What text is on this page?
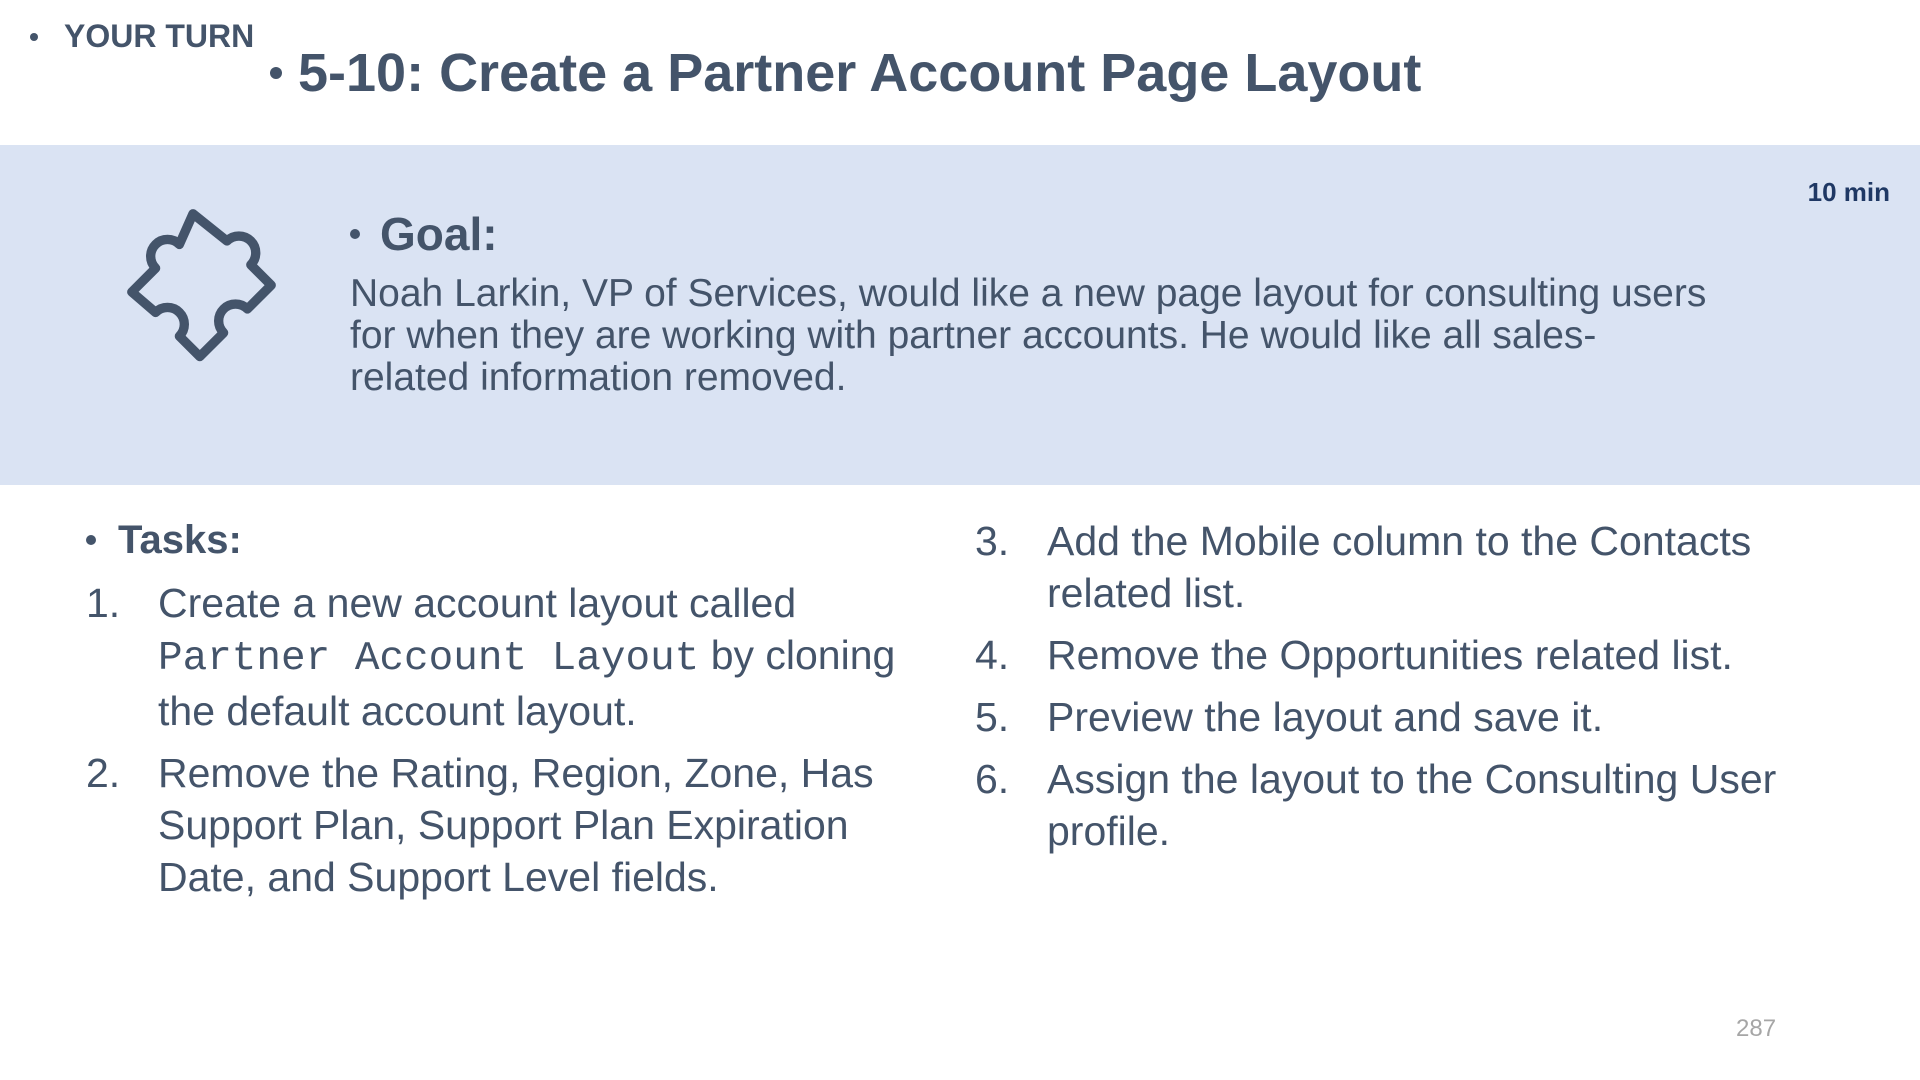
YOUR TURN
5-10: Create a Partner Account Page Layout
10 min
Goal:
Noah Larkin, VP of Services, would like a new page layout for consulting users for when they are working with partner accounts. He would like all sales-related information removed.
Tasks:
1. Create a new account layout called Partner Account Layout by cloning the default account layout.
2. Remove the Rating, Region, Zone, Has Support Plan, Support Plan Expiration Date, and Support Level fields.
3. Add the Mobile column to the Contacts related list.
4. Remove the Opportunities related list.
5. Preview the layout and save it.
6. Assign the layout to the Consulting User profile.
287
